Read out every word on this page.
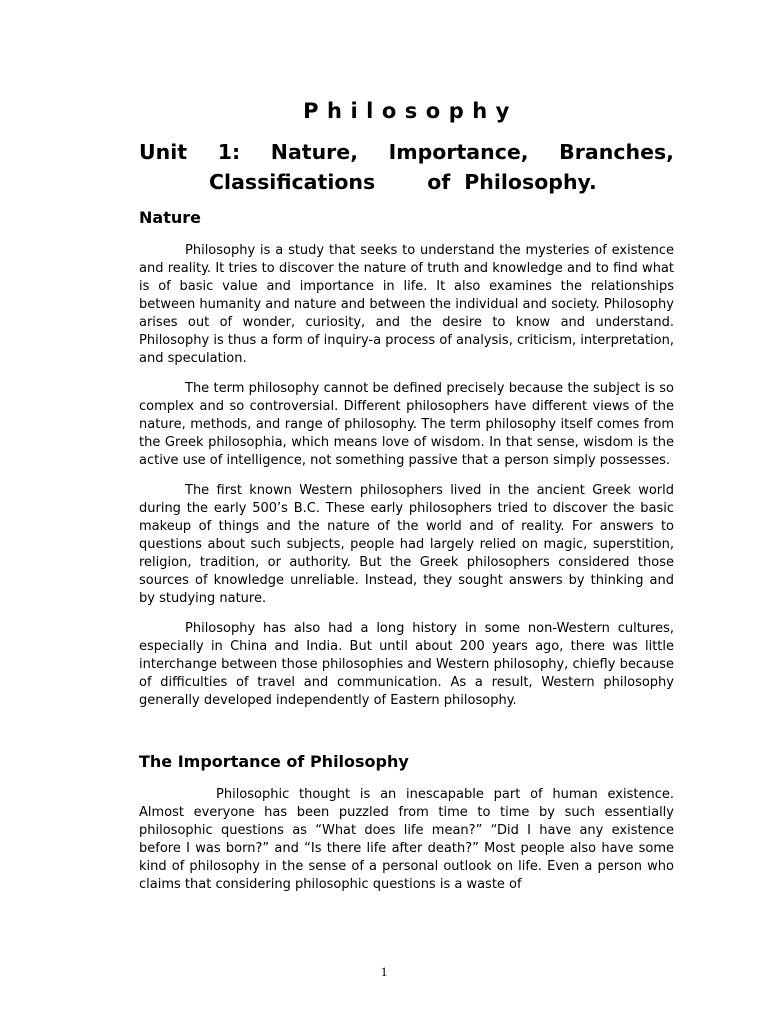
Philosophy
Unit 1: Nature, Importance, Branches,
Classifications	of Philosophy.
Nature

Philosophy is a study that seeks to understand the mysteries of existence and reality. It tries to discover the nature of truth and knowledge and to find what is of basic value and importance in life. It also examines the relationships between humanity and nature and between the individual and society. Philosophy arises out of wonder, curiosity, and the desire to know and understand. Philosophy is thus a form of inquiry-a process of analysis, criticism, interpretation, and speculation.

The term philosophy cannot be defined precisely because the subject is so complex and so controversial. Different philosophers have different views of the nature, methods, and range of philosophy. The term philosophy itself comes from the Greek philosophia, which means love of wisdom. In that sense, wisdom is the active use of intelligence, not something passive that a person simply possesses.

The first known Western philosophers lived in the ancient Greek world during the early 500’s B.C. These early philosophers tried to discover the basic makeup of things and the nature of the world and of reality. For answers to questions about such subjects, people had largely relied on magic, superstition, religion, tradition, or authority. But the Greek philosophers considered those sources of knowledge unreliable. Instead, they sought answers by thinking and by studying nature.

Philosophy has also had a long history in some non-Western cultures, especially in China and India. But until about 200 years ago, there was little interchange between those philosophies and Western philosophy, chiefly because of difficulties of travel and communication. As a result, Western philosophy generally developed independently of Eastern philosophy.

The Importance of Philosophy

Philosophic thought is an inescapable part of human existence. Almost everyone has been puzzled from time to time by such essentially philosophic questions as “What does life mean?” “Did I have any existence before I was born?” and “Is there life after death?” Most people also have some kind of philosophy in the sense of a personal outlook on life. Even a person who claims that considering philosophic questions is a waste of

1
